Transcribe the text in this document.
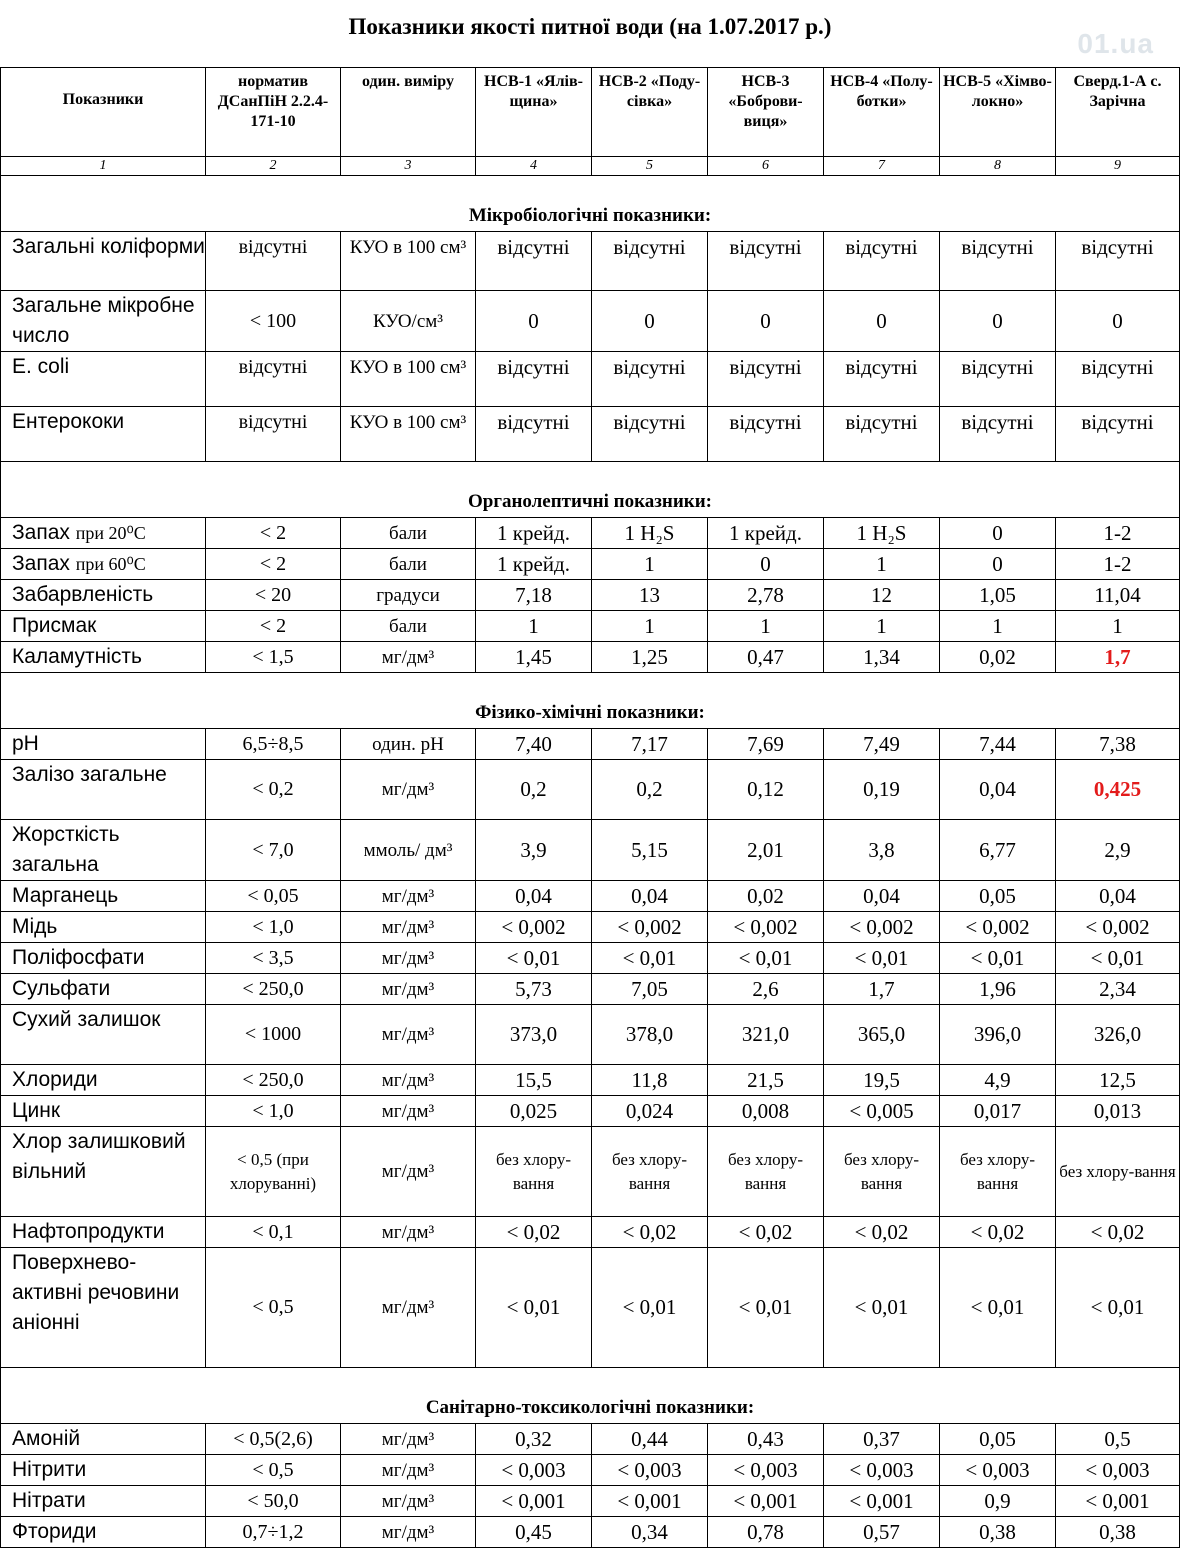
Показники якості питної води (на 1.07.2017 р.)
01.ua
Показники	норматив ДСанПіН 2.2.4-171-10	один. виміру	НСВ-1 «Ялів-щина»	НСВ-2 «Поду-сівка»	НСВ-3 «Боброви-виця»	НСВ-4 «Полу-ботки»	НСВ-5 «Хімво-локно»	Сверд.1-А с. Зарічна
1	2	3	4	5	6	7	8	9
Мікробіологічні показники:								
Загальні коліформи	відсутні	КУО в 100 см³	відсутні	відсутні	відсутні	відсутні	відсутні	відсутні
Загальне мікробне число	< 100	КУО/см³	0	0	0	0	0	0
E. coli	відсутні	КУО в 100 см³	відсутні	відсутні	відсутні	відсутні	відсутні	відсутні
Ентерококи	відсутні	КУО в 100 см³	відсутні	відсутні	відсутні	відсутні	відсутні	відсутні
Органолептичні показники:								
Запах при 20⁰С	< 2	бали	1 крейд.	1 H₂S	1 крейд.	1 H₂S	0	1-2
Запах при 60⁰С	< 2	бали	1 крейд.	1	0	1	0	1-2
Забарвленість	< 20	градуси	7,18	13	2,78	12	1,05	11,04
Присмак	< 2	бали	1	1	1	1	1	1
Каламутність	< 1,5	мг/дм³	1,45	1,25	0,47	1,34	0,02	1,7
Фізико-хімічні показники:								
pH	6,5÷8,5	один. pH	7,40	7,17	7,69	7,49	7,44	7,38
Залізо загальне	< 0,2	мг/дм³	0,2	0,2	0,12	0,19	0,04	0,425
Жорсткість загальна	< 7,0	ммоль/ дм³	3,9	5,15	2,01	3,8	6,77	2,9
Марганець	< 0,05	мг/дм³	0,04	0,04	0,02	0,04	0,05	0,04
Мідь	< 1,0	мг/дм³	< 0,002	< 0,002	< 0,002	< 0,002	< 0,002	< 0,002
Поліфосфати	< 3,5	мг/дм³	< 0,01	< 0,01	< 0,01	< 0,01	< 0,01	< 0,01
Сульфати	< 250,0	мг/дм³	5,73	7,05	2,6	1,7	1,96	2,34
Сухий залишок	< 1000	мг/дм³	373,0	378,0	321,0	365,0	396,0	326,0
Хлориди	< 250,0	мг/дм³	15,5	11,8	21,5	19,5	4,9	12,5
Цинк	< 1,0	мг/дм³	0,025	0,024	0,008	< 0,005	0,017	0,013
Хлор залишковий вільний	< 0,5 (при хлоруванні)	мг/дм³	без хлору-вання	без хлору-вання	без хлору-вання	без хлору-вання	без хлору-вання	без хлору-вання
Нафтопродукти	< 0,1	мг/дм³	< 0,02	< 0,02	< 0,02	< 0,02	< 0,02	< 0,02
Поверхнево-активні речовини аніонні	< 0,5	мг/дм³	< 0,01	< 0,01	< 0,01	< 0,01	< 0,01	< 0,01
Санітарно-токсикологічні показники:								
Амоній	< 0,5(2,6)	мг/дм³	0,32	0,44	0,43	0,37	0,05	0,5
Нітрити	< 0,5	мг/дм³	< 0,003	< 0,003	< 0,003	< 0,003	< 0,003	< 0,003
Нітрати	< 50,0	мг/дм³	< 0,001	< 0,001	< 0,001	< 0,001	0,9	< 0,001
Фториди	0,7÷1,2	мг/дм³	0,45	0,34	0,78	0,57	0,38	0,38
